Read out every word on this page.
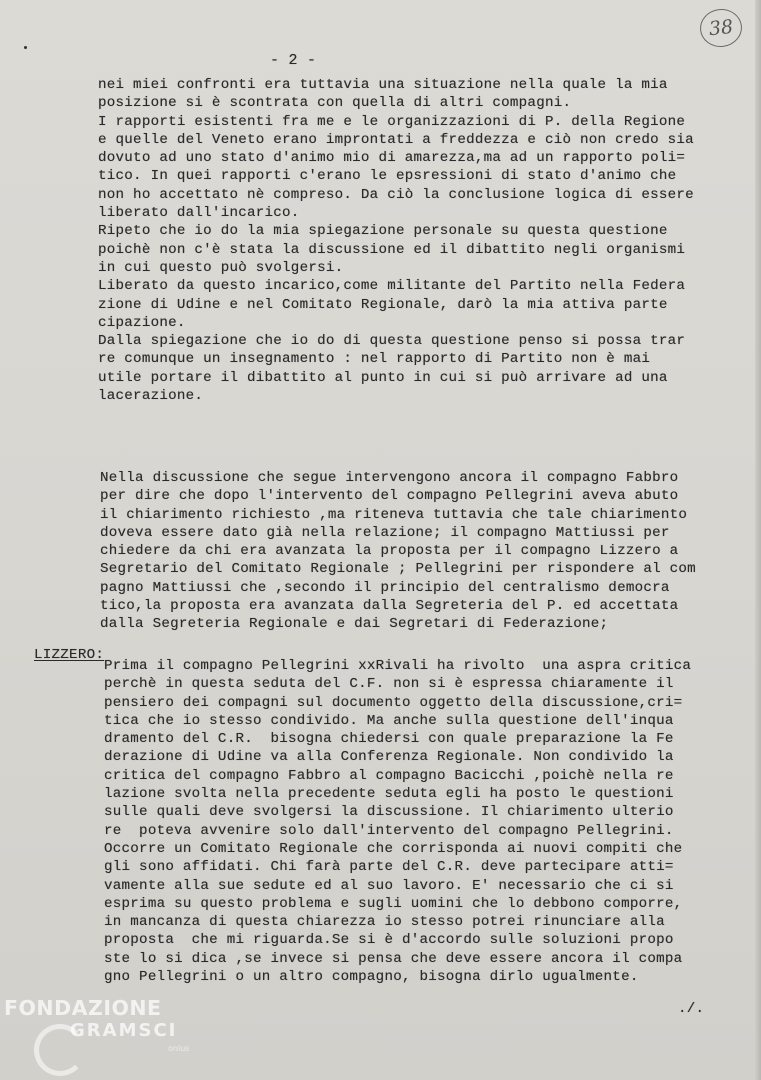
38
- 2 -
nei miei confronti era tuttavia una situazione nella quale la mia
posizione si è scontrata con quella di altri compagni.
I rapporti esistenti fra me e le organizzazioni di P. della Regione
e quelle del Veneto erano improntati a freddezza e ciò non credo sia
dovuto ad uno stato d'animo mio di amarezza,ma ad un rapporto poli=
tico. In quei rapporti c'erano le epsressioni di stato d'animo che
non ho accettato nè compreso. Da ciò la conclusione logica di essere
liberato dall'incarico.
Ripeto che io do la mia spiegazione personale su questa questione
poichè non c'è stata la discussione ed il dibattito negli organismi
in cui questo può svolgersi.
Liberato da questo incarico,come militante del Partito nella Federa
zione di Udine e nel Comitato Regionale, darò la mia attiva parte
cipazione.
Dalla spiegazione che io do di questa questione penso si possa trar
re comunque un insegnamento : nel rapporto di Partito non è mai
utile portare il dibattito al punto in cui si può arrivare ad una
lacerazione.
Nella discussione che segue intervengono ancora il compagno Fabbro
per dire che dopo l'intervento del compagno Pellegrini aveva abuto
il chiarimento richiesto ,ma riteneva tuttavia che tale chiarimento
doveva essere dato già nella relazione; il compagno Mattiussi per
chiedere da chi era avanzata la proposta per il compagno Lizzero a
Segretario del Comitato Regionale ; Pellegrini per rispondere al com
pagno Mattiussi che ,secondo il principio del centralismo democra
tico,la proposta era avanzata dalla Segreteria del P. ed accettata
dalla Segreteria Regionale e dai Segretari di Federazione;
LIZZERO:
Prima il compagno Pellegrini xxRivali ha rivolto  una aspra critica
perchè in questa seduta del C.F. non si è espressa chiaramente il
pensiero dei compagni sul documento oggetto della discussione,cri=
tica che io stesso condivido. Ma anche sulla questione dell'inqua
dramento del C.R.  bisogna chiedersi con quale preparazione la Fe
derazione di Udine va alla Conferenza Regionale. Non condivido la
critica del compagno Fabbro al compagno Bacicchi ,poichè nella re
lazione svolta nella precedente seduta egli ha posto le questioni
sulle quali deve svolgersi la discussione. Il chiarimento ulterio
re  poteva avvenire solo dall'intervento del compagno Pellegrini.
Occorre un Comitato Regionale che corrisponda ai nuovi compiti che
gli sono affidati. Chi farà parte del C.R. deve partecipare atti=
vamente alla sue sedute ed al suo lavoro. E' necessario che ci si
esprima su questo problema e sugli uomini che lo debbono comporre,
in mancanza di questa chiarezza io stesso potrei rinunciare alla
proposta  che mi riguarda.Se si è d'accordo sulle soluzioni propo
ste lo si dica ,se invece si pensa che deve essere ancora il compa
gno Pellegrini o un altro compagno, bisogna dirlo ugualmente.
./.
FONDAZIONE
GRAMSCI
onlus
